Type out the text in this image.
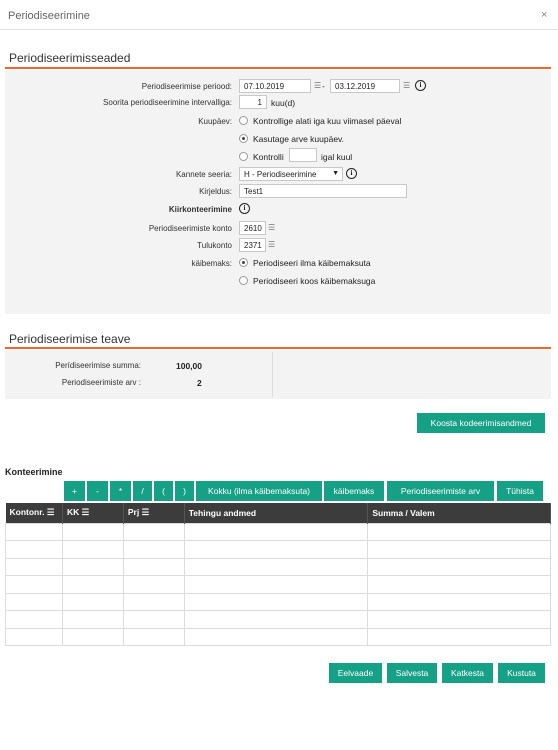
Periodiseerimine	×
Periodiseerimisseaded
Periodiseerimise periood:	07.10.2019	☰ -	03.12.2019	☰	i
Soorita periodiseerimine intervalliga:	1	kuu(d)
Kuupäev: Kontrollige alati iga kuu viimasel päeval
Kasutage arve kuupäev.
Kontrolli	igal kuul
Kannete seeria:	H - Periodiseerimine ▼	i
Kirjeldus:	Test1
Kiirkonteerimine	i
Periodiseerimiste konto	2610 ☰
Tulukonto	2371 ☰
käibemaks: Periodiseeri ilma käibemaksuta
Periodiseeri koos käibemaksuga
Periodiseerimise teave
Perídiseerimise summa:	100,00
Periodiseerimiste arv :	2
Koosta kodeerimisandmed
Konteerimine
+	-	*	/	(	)	Kokku (ilma käibemaksuta)	käibemaks	Periodiseerimiste arv	Tühista
Kontonr. ☰	KK ☰	Prj ☰	Tehingu andmed	Summa / Valem

Eelvaade	Salvesta	Katkesta	Kustuta
